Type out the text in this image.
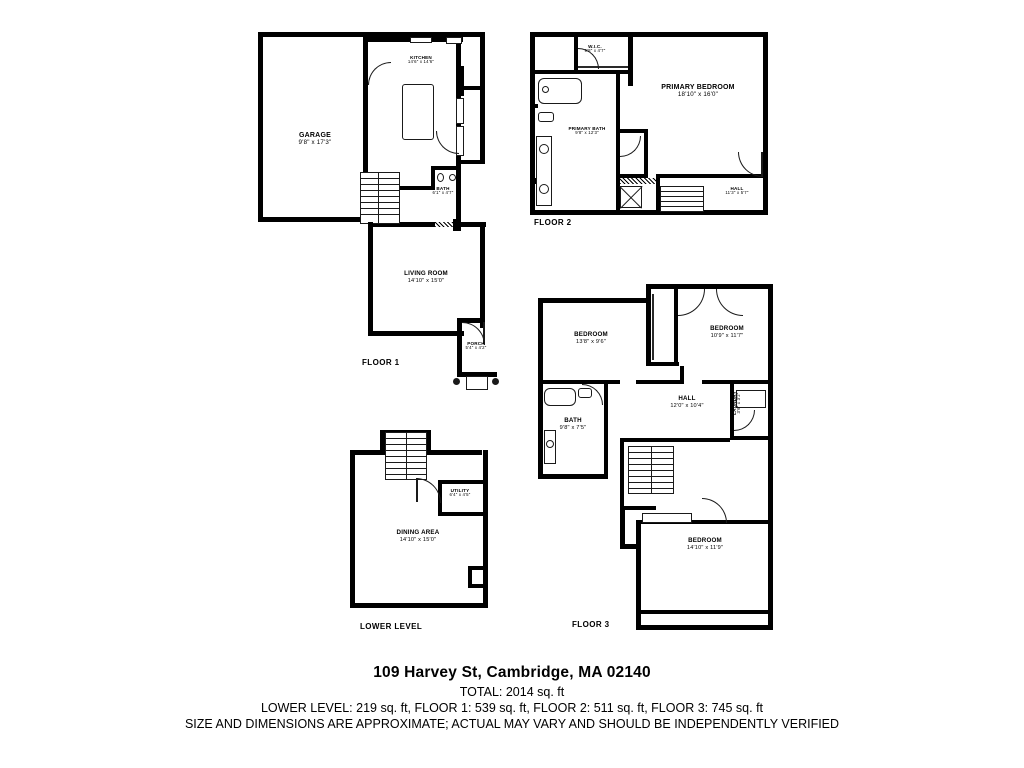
GARAGE
9'8" x 17'3"
KITCHEN
14'6" x 14'6"
BATH
6'1" x 4'7"
LIVING ROOM
14'10" x 15'0"
PORCH
5'4" x 4'2"
FLOOR 1
W.I.C.
9'8" x 4'7"
PRIMARY BEDROOM
18'10" x 16'0"
PRIMARY BATH
9'8" x 12'3"
HALL
11'3" x 5'7"
FLOOR 2
BEDROOM
13'8" x 9'6"
BEDROOM
10'9" x 11'7"
HALL
12'0" x 10'4"
BATH
9'8" x 7'5"
LAUNDRY 3'6" x 3'2"
BEDROOM
14'10" x 11'9"
FLOOR 3
UTILITY
6'4" x 4'5"
DINING AREA
14'10" x 15'0"
LOWER LEVEL

109 Harvey St, Cambridge, MA 02140

TOTAL: 2014 sq. ft

LOWER LEVEL: 219 sq. ft, FLOOR 1: 539 sq. ft, FLOOR 2: 511 sq. ft, FLOOR 3: 745 sq. ft

SIZE AND DIMENSIONS ARE APPROXIMATE; ACTUAL MAY VARY AND SHOULD BE INDEPENDENTLY VERIFIED
